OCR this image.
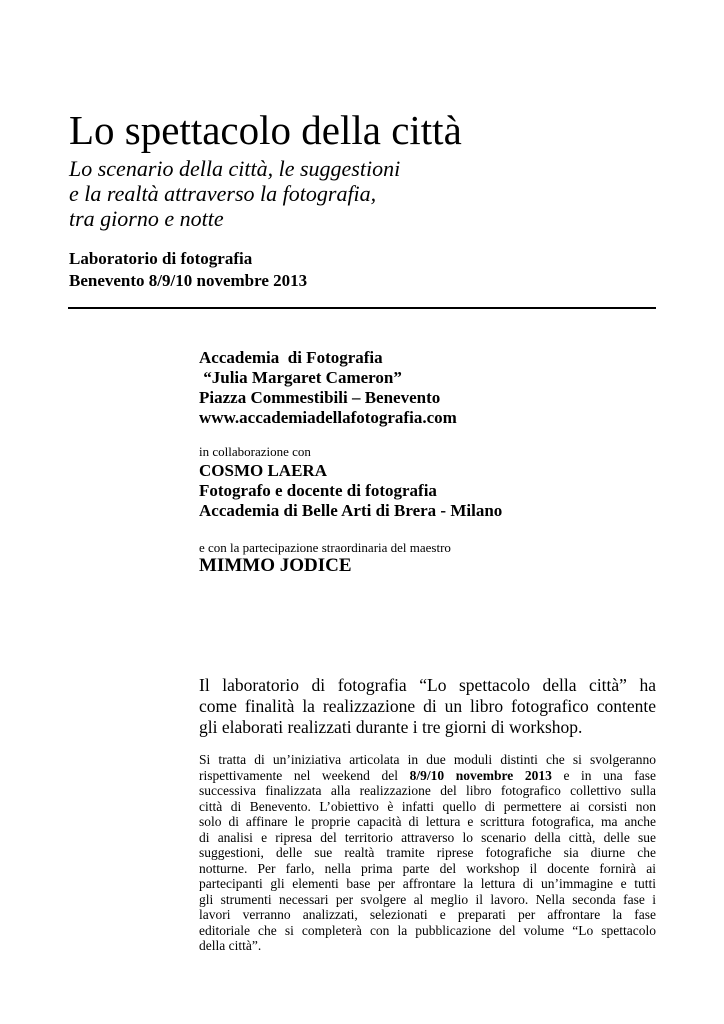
Lo spettacolo della città
Lo scenario della città, le suggestioni
e la realtà attraverso la fotografia,
tra giorno e notte
Laboratorio di fotografia
Benevento 8/9/10 novembre 2013
Accademia  di Fotografia
“Julia Margaret Cameron”
Piazza Commestibili – Benevento
www.accademiadellafotografia.com
in collaborazione con
COSMO LAERA
Fotografo e docente di fotografia
Accademia di Belle Arti di Brera - Milano
e con la partecipazione straordinaria del maestro
MIMMO JODICE
Il laboratorio di fotografia “Lo spettacolo della città” ha
come finalità la realizzazione di un libro fotografico contente
gli elaborati realizzati durante i tre giorni di workshop.
Si tratta di un’iniziativa articolata in due moduli distinti che si svolgeranno
rispettivamente nel weekend del 8/9/10 novembre 2013 e in una fase
successiva finalizzata alla realizzazione del libro fotografico collettivo sulla
città di Benevento. L’obiettivo è infatti quello di permettere ai corsisti non
solo di affinare le proprie capacità di lettura e scrittura fotografica, ma anche
di analisi e ripresa del territorio attraverso lo scenario della città, delle sue
suggestioni, delle sue realtà tramite riprese fotografiche sia diurne che
notturne. Per farlo, nella prima parte del workshop il docente fornirà ai
partecipanti gli elementi base per affrontare la lettura di un’immagine e tutti
gli strumenti necessari per svolgere al meglio il lavoro. Nella seconda fase i
lavori verranno analizzati, selezionati e preparati per affrontare la fase
editoriale che si completerà con la pubblicazione del volume “Lo spettacolo
della città”.
